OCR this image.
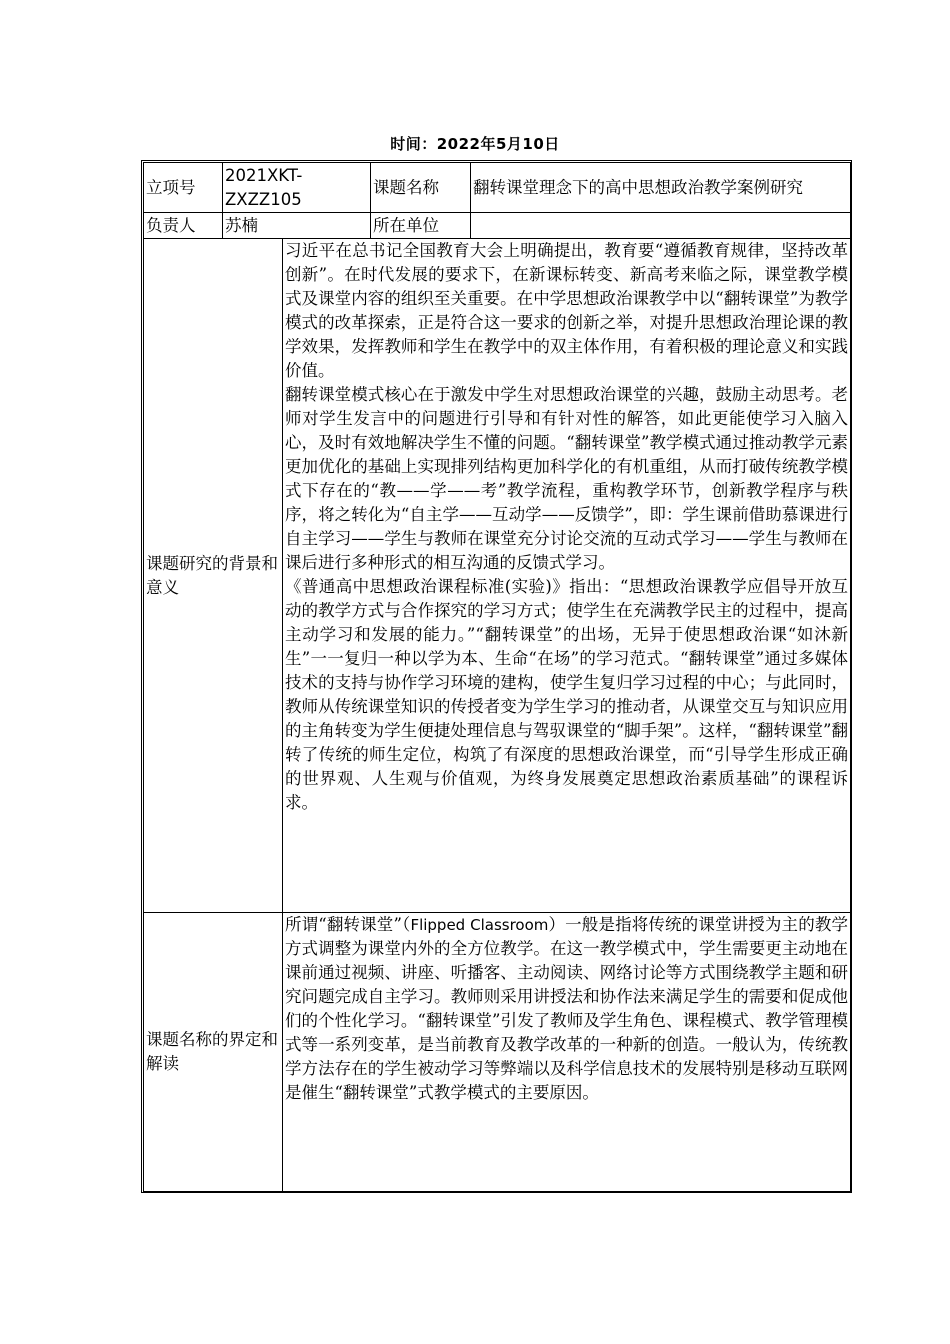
时间：2022年5月10日
立项号	2021XKT-ZXZZ105		课题名称	翻转课堂理念下的高中思想政治教学案例研究
负责人	苏楠		所在单位	
课题研究的背景和意义		习近平在总书记全国教育大会上明确提出，教育要“遵循教育规律，坚持改革创新”。在时代发展的要求下，在新课标转变、新高考来临之际，课堂教学模式及课堂内容的组织至关重要。在中学思想政治课教学中以“翻转课堂”为教学模式的改革探索，正是符合这一要求的创新之举，对提升思想政治理论课的教学效果，发挥教师和学生在教学中的双主体作用，有着积极的理论意义和实践价值。

翻转课堂模式核心在于激发中学生对思想政治课堂的兴趣，鼓励主动思考。老师对学生发言中的问题进行引导和有针对性的解答，如此更能使学习入脑入心，及时有效地解决学生不懂的问题。“翻转课堂”教学模式通过推动教学元素更加优化的基础上实现排列结构更加科学化的有机重组，从而打破传统教学模式下存在的“教——学——考”教学流程，重构教学环节，创新教学程序与秩序，将之转化为“自主学——互动学——反馈学”，即：学生课前借助慕课进行自主学习——学生与教师在课堂充分讨论交流的互动式学习——学生与教师在课后进行多种形式的相互沟通的反馈式学习。

《普通高中思想政治课程标准(实验)》指出：“思想政治课教学应倡导开放互动的教学方式与合作探究的学习方式；使学生在充满教学民主的过程中，提高主动学习和发展的能力。”“翻转课堂”的出场，无异于使思想政治课“如沐新生”一一复归一种以学为本、生命“在场”的学习范式。“翻转课堂”通过多媒体技术的支持与协作学习环境的建构，使学生复归学习过程的中心；与此同时，教师从传统课堂知识的传授者变为学生学习的推动者，从课堂交互与知识应用的主角转变为学生便捷处理信息与驾驭课堂的“脚手架”。这样，“翻转课堂”翻转了传统的师生定位，构筑了有深度的思想政治课堂，而“引导学生形成正确的世界观、人生观与价值观，为终身发展奠定思想政治素质基础”的课程诉求。		

课题名称的界定和解读		所谓“翻转课堂”（Flipped Classroom）一般是指将传统的课堂讲授为主的教学方式调整为课堂内外的全方位教学。在这一教学模式中，学生需要更主动地在课前通过视频、讲座、听播客、主动阅读、网络讨论等方式围绕教学主题和研究问题完成自主学习。教师则采用讲授法和协作法来满足学生的需要和促成他们的个性化学习。“翻转课堂”引发了教师及学生角色、课程模式、教学管理模式等一系列变革，是当前教育及教学改革的一种新的创造。一般认为，传统教学方法存在的学生被动学习等弊端以及科学信息技术的发展特别是移动互联网是催生“翻转课堂”式教学模式的主要原因。		
